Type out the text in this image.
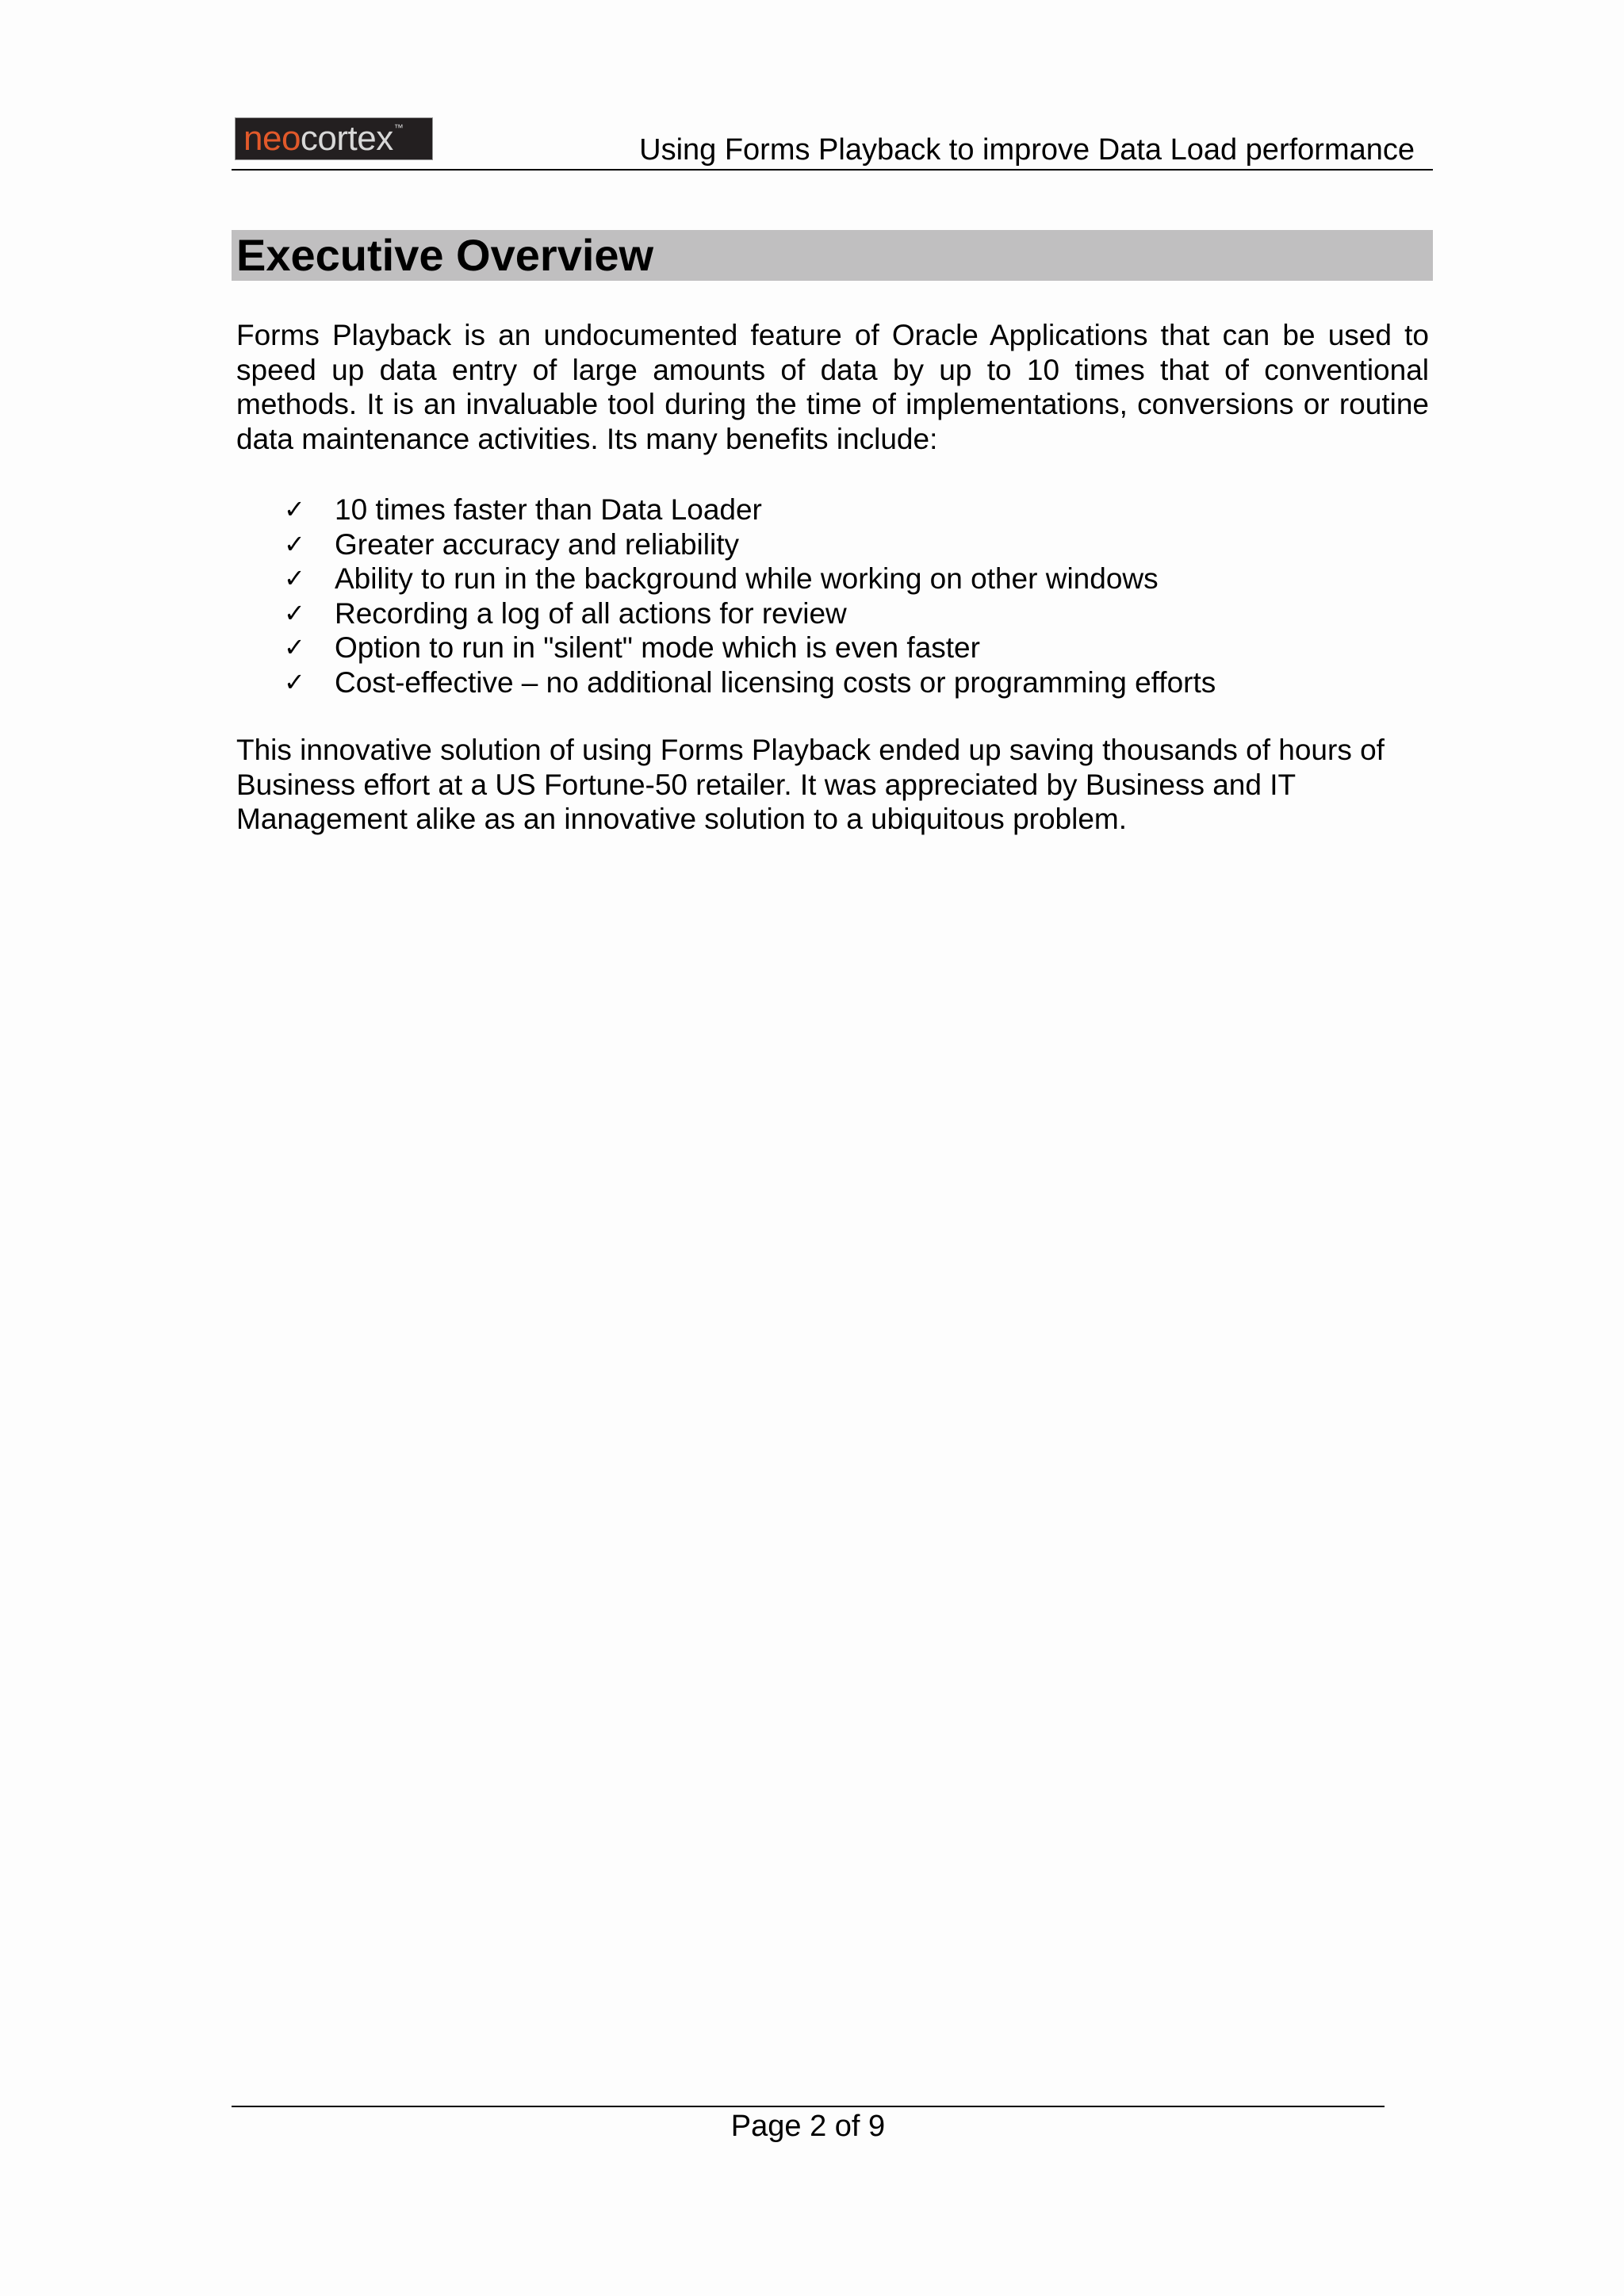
neo cortex ™
Using Forms Playback to improve Data Load performance
Executive Overview

Forms Playback is an undocumented feature of Oracle Applications that can be used to speed up data entry of large amounts of data by up to 10 times that of conventional methods. It is an invaluable tool during the time of implementations, conversions or routine data maintenance activities. Its many benefits include:

✓ 10 times faster than Data Loader
✓ Greater accuracy and reliability
✓ Ability to run in the background while working on other windows
✓ Recording a log of all actions for review
✓ Option to run in "silent" mode which is even faster
✓ Cost-effective – no additional licensing costs or programming efforts

This innovative solution of using Forms Playback ended up saving thousands of hours of Business effort at a US Fortune-50 retailer. It was appreciated by Business and IT Management alike as an innovative solution to a ubiquitous problem.

Page 2 of 9
